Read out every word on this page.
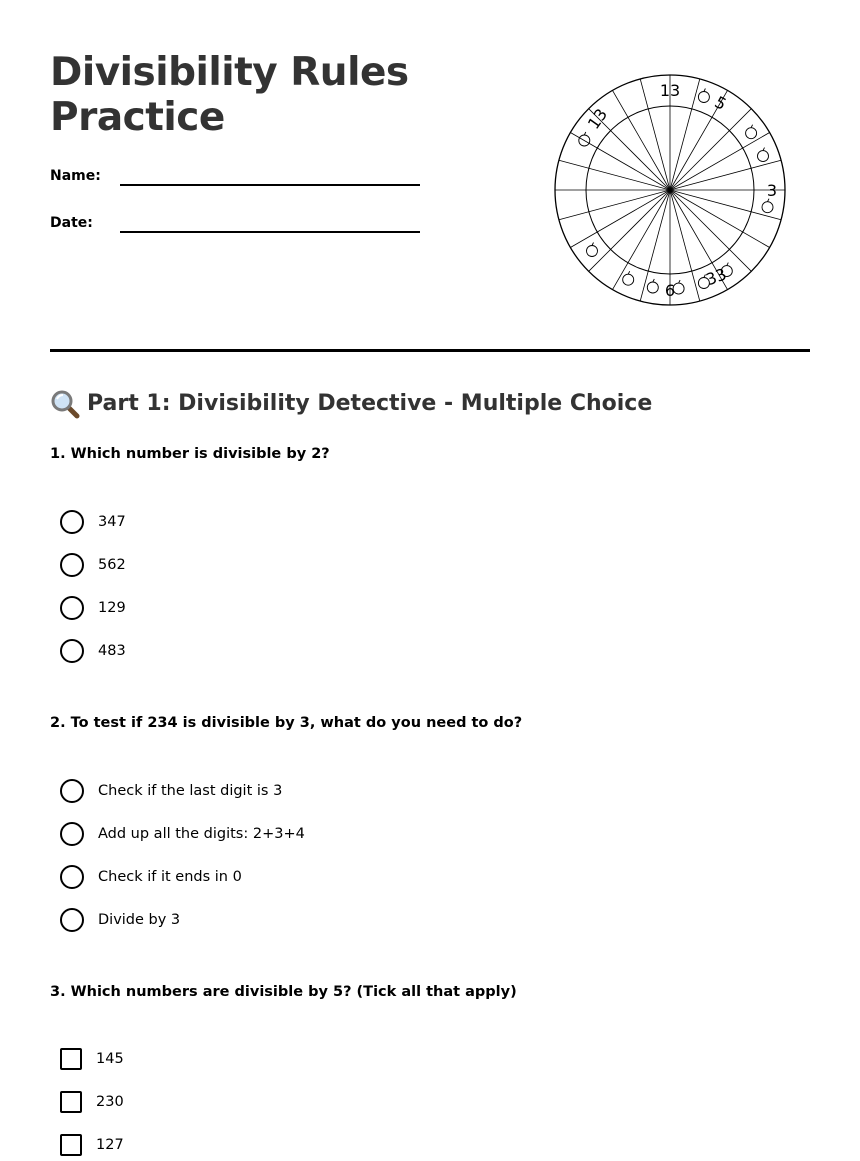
Divisibility Rules
Practice
Name:
Date:
13
5
3
33
6
13
Part 1: Divisibility Detective - Multiple Choice
1. Which number is divisible by 2?
347
562
129
483
2. To test if 234 is divisible by 3, what do you need to do?
Check if the last digit is 3
Add up all the digits: 2+3+4
Check if it ends in 0
Divide by 3
3. Which numbers are divisible by 5? (Tick all that apply)
145
230
127
